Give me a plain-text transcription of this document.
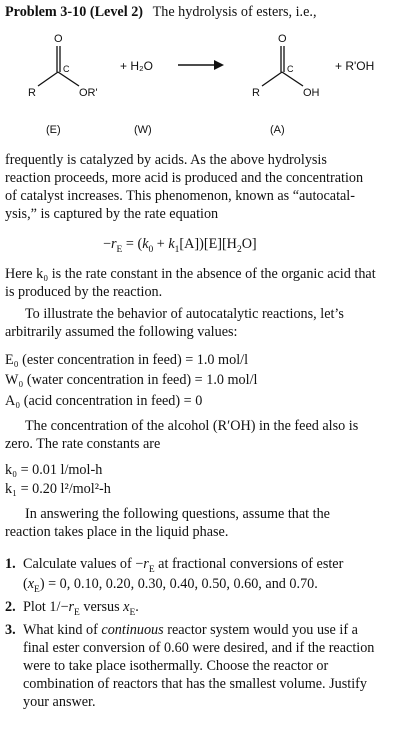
Problem 3-10 (Level 2) The hydrolysis of esters, i.e.,
O
C
R	OR'
+ H₂O
O
C
R	OH
+ R'OH
(E)	(W)	(A)
frequently is catalyzed by acids. As the above hydrolysis
reaction proceeds, more acid is produced and the concentration
of catalyst increases. This phenomenon, known as “autocatal-
ysis,” is captured by the rate equation
$-r_E = (k_0 + k_1[A])[E][H_2O]$
Here k₀ is the rate constant in the absence of the organic acid that
is produced by the reaction.
To illustrate the behavior of autocatalytic reactions, let’s
arbitrarily assumed the following values:
E₀ (ester concentration in feed) = 1.0 mol/l
W₀ (water concentration in feed) = 1.0 mol/l
A₀ (acid concentration in feed) = 0
The concentration of the alcohol (R′OH) in the feed also is
zero. The rate constants are
k₀ = 0.01 l/mol-h
k₁ = 0.20 l²/mol²-h
In answering the following questions, assume that the
reaction takes place in the liquid phase.
1. Calculate values of $-r_E$ at fractional conversions of ester
$(x_E) = 0$, 0.10, 0.20, 0.30, 0.40, 0.50, 0.60, and 0.70.
2. Plot $1/-r_E$ versus $x_E$.
3. What kind of continuous reactor system would you use if a
final ester conversion of 0.60 were desired, and if the reaction
were to take place isothermally. Choose the reactor or
combination of reactors that has the smallest volume. Justify
your answer.
